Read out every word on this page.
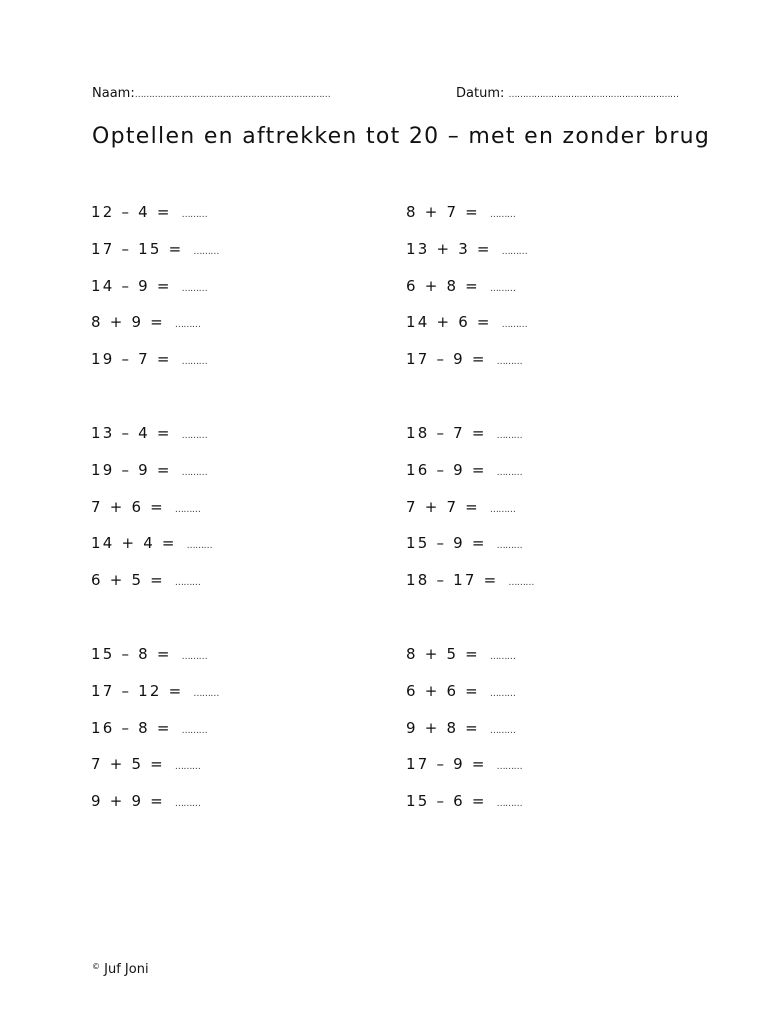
Naam:……………………………………………………………	Datum: ……………………………………………………
Optellen en aftrekken tot 20 – met en zonder brug
12 – 4 = ………
17 – 15 = ………
14 – 9 = ………
8 + 9 = ………
19 – 7 = ………
13 – 4 = ………
19 – 9 = ………
7 + 6 = ………
14 + 4 = ………
6 + 5 = ………
15 – 8 = ………
17 – 12 = ………
16 – 8 = ………
7 + 5 = ………
9 + 9 = ………
8 + 7 = ………
13 + 3 = ………
6 + 8 = ………
14 + 6 = ………
17 – 9 = ………
18 – 7 = ………
16 – 9 = ………
7 + 7 = ………
15 – 9 = ………
18 – 17 = ………
8 + 5 = ………
6 + 6 = ………
9 + 8 = ………
17 – 9 = ………
15 – 6 = ………
© Juf Joni
